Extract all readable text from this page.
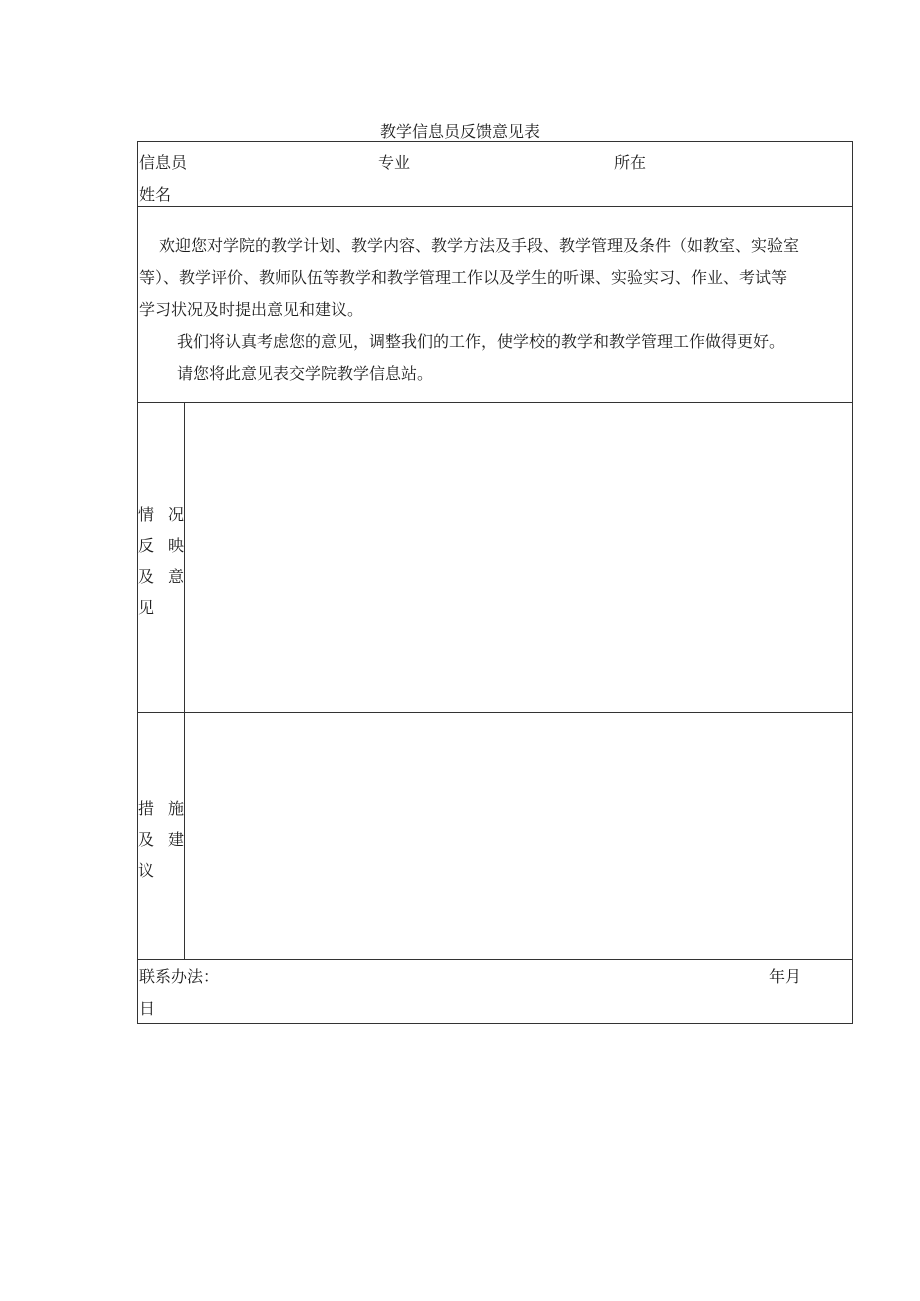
教学信息员反馈意见表
信息员
姓名
专业	所在

欢迎您对学院的教学计划、教学内容、教学方法及手段、教学管理及条件（如教室、实验室

等）、教学评价、教师队伍等教学和教学管理工作以及学生的听课、实验实习、作业、考试等

学习状况及时提出意见和建议。

我们将认真考虑您的意见，调整我们的工作，使学校的教学和教学管理工作做得更好。

请您将此意见表交学院教学信息站。

情 况
反 映
及 意
见
措 施
及 建
议
联系办法：	年月
日
